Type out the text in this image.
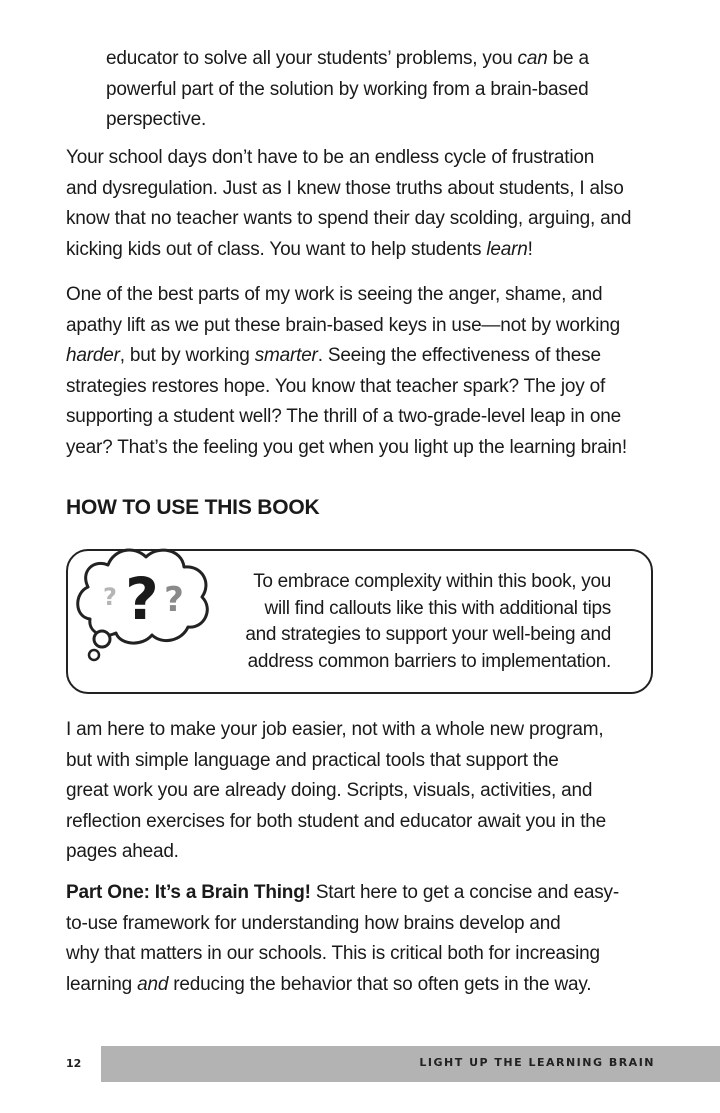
educator to solve all your students’ problems, you can be a
powerful part of the solution by working from a brain-based
perspective.

Your school days don’t have to be an endless cycle of frustration
and dysregulation. Just as I knew those truths about students, I also
know that no teacher wants to spend their day scolding, arguing, and
kicking kids out of class. You want to help students learn!

One of the best parts of my work is seeing the anger, shame, and
apathy lift as we put these brain-based keys in use—not by working
harder, but by working smarter. Seeing the effectiveness of these
strategies restores hope. You know that teacher spark? The joy of
supporting a student well? The thrill of a two-grade-level leap in one
year? That’s the feeling you get when you light up the learning brain!

HOW TO USE THIS BOOK
? ?
?
To embrace complexity within this book, you
will find callouts like this with additional tips
and strategies to support your well-being and
address common barriers to implementation.

I am here to make your job easier, not with a whole new program,
but with simple language and practical tools that support the
great work you are already doing. Scripts, visuals, activities, and
reflection exercises for both student and educator await you in the
pages ahead.

Part One: It’s a Brain Thing! Start here to get a concise and easy-
to-use framework for understanding how brains develop and
why that matters in our schools. This is critical both for increasing
learning and reducing the behavior that so often gets in the way.

12	LIGHT UP THE LEARNING BRAIN
